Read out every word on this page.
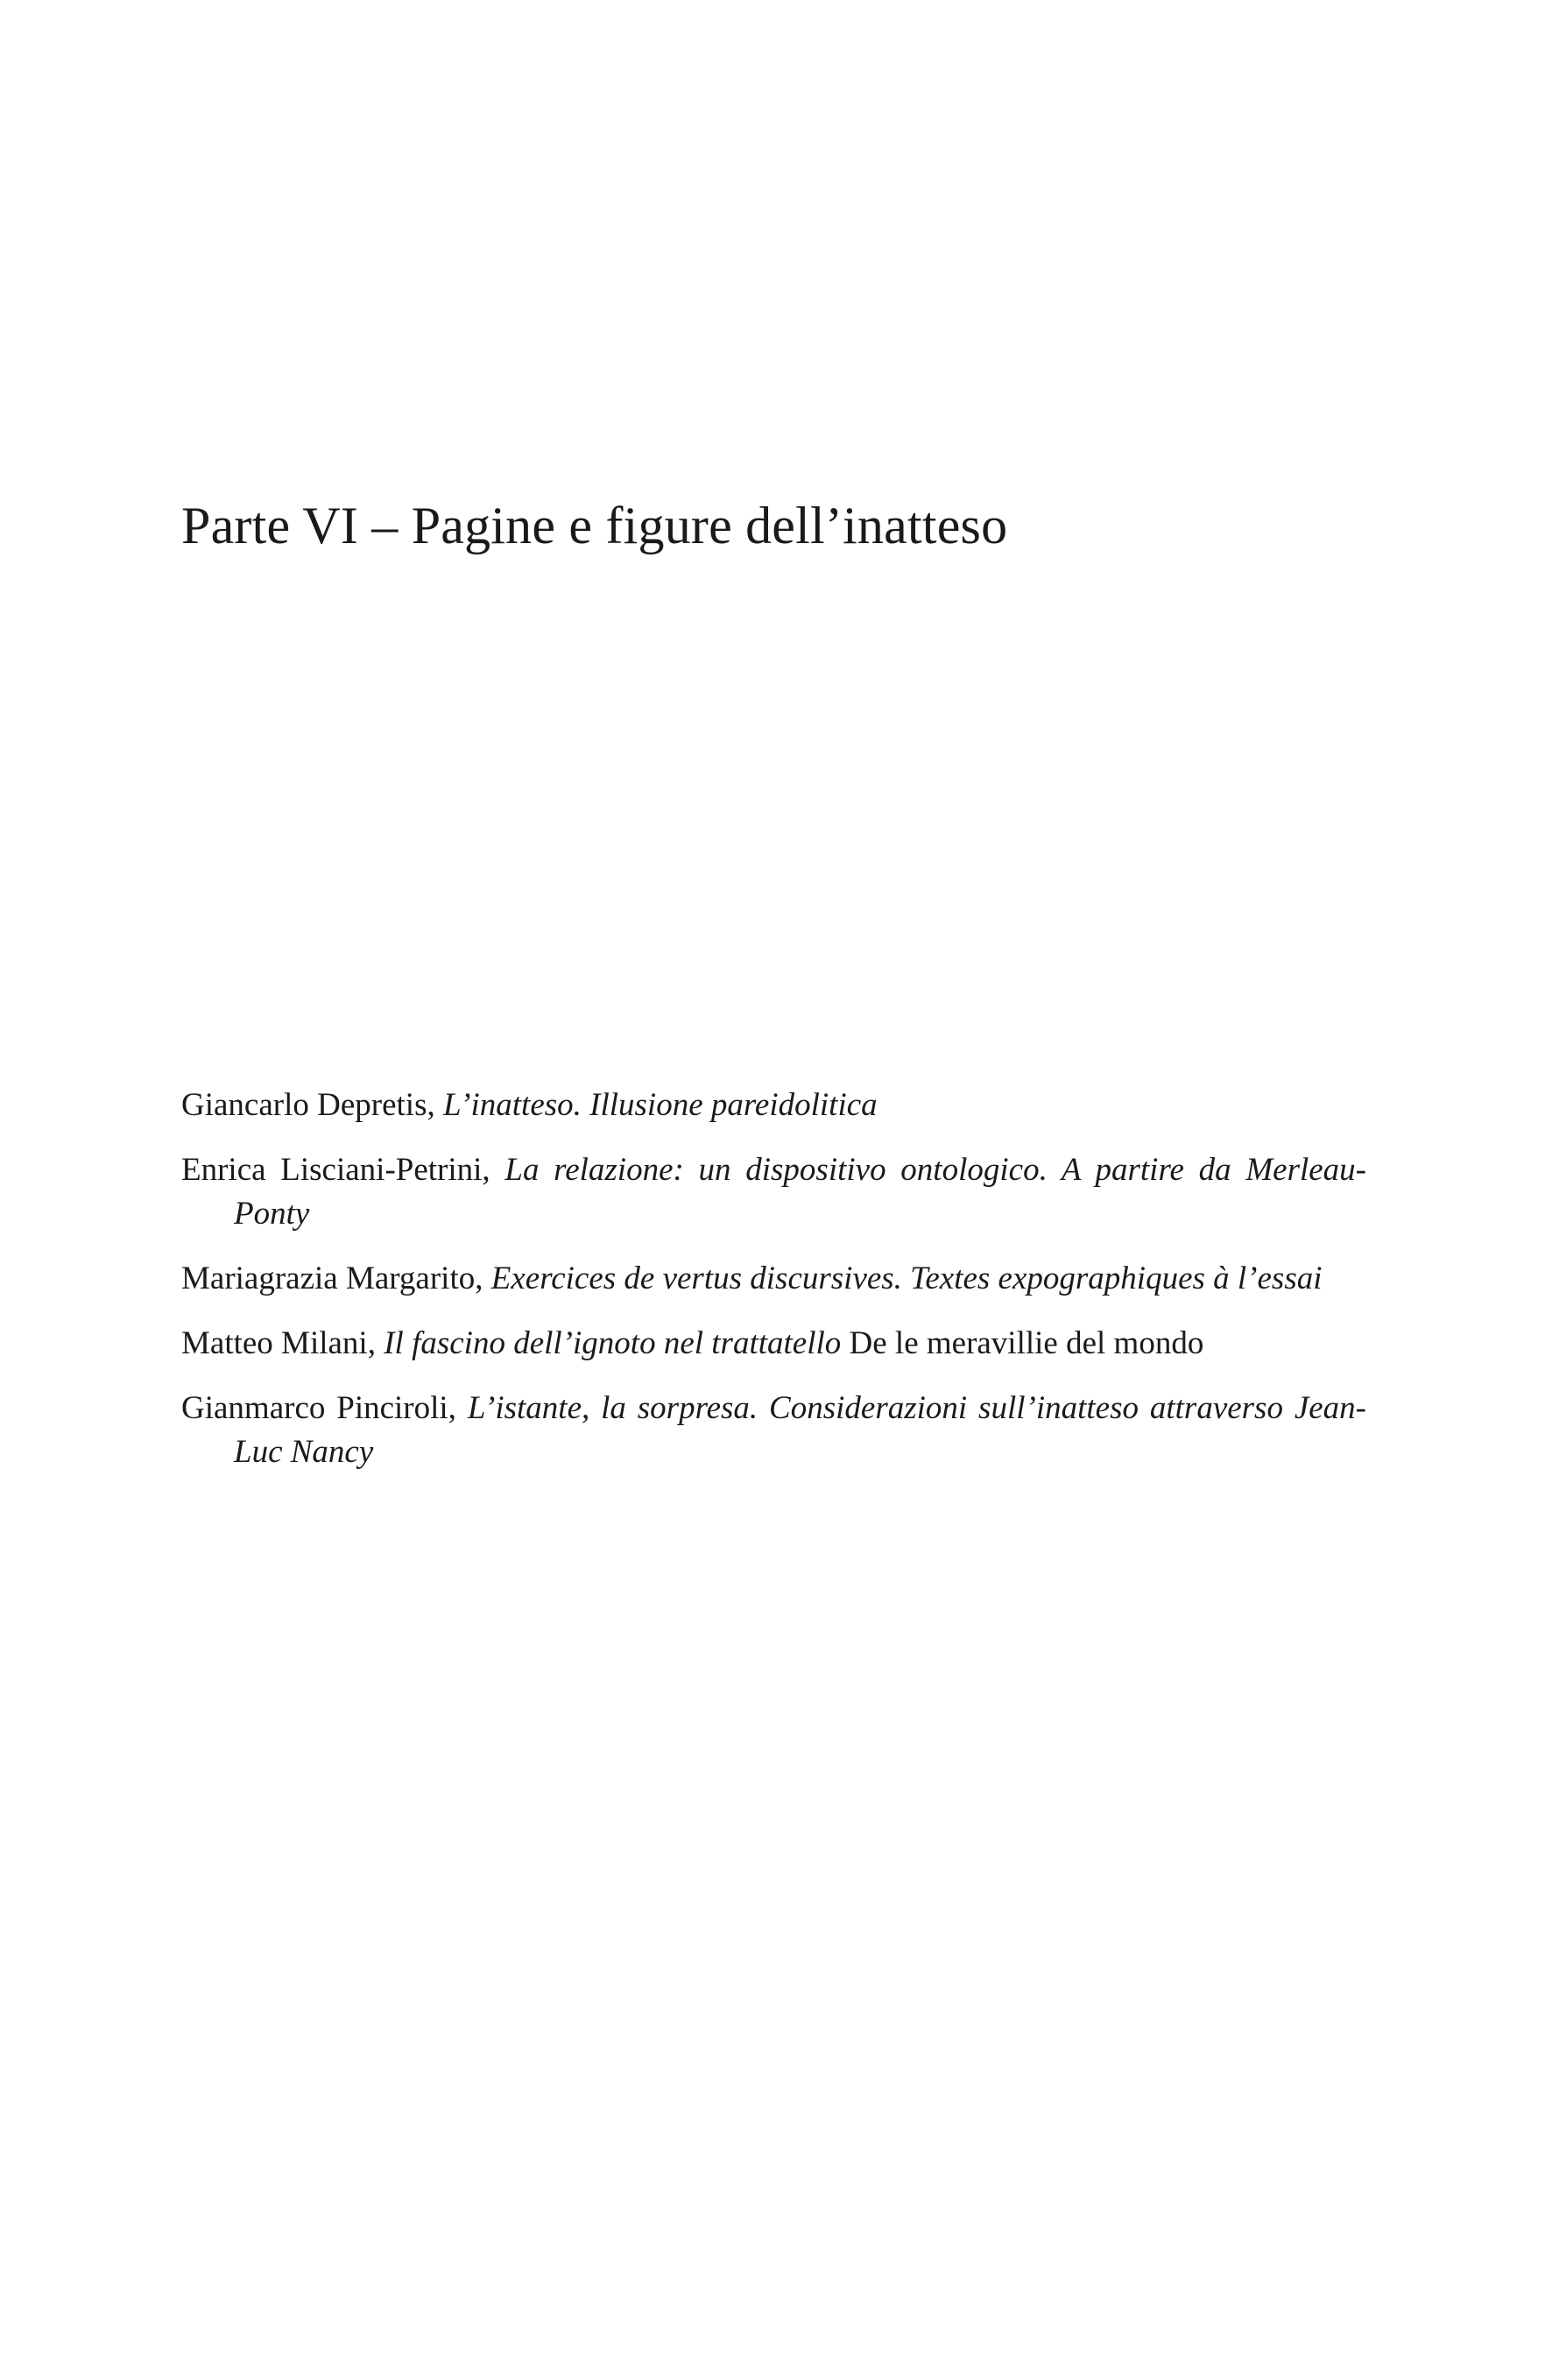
Parte VI – Pagine e figure dell’inatteso
Giancarlo Depretis, L’inatteso. Illusione pareidolitica
Enrica Lisciani-Petrini, La relazione: un dispositivo ontologico. A partire da Merleau-Ponty
Mariagrazia Margarito, Exercices de vertus discursives. Textes expographiques à l’essai
Matteo Milani, Il fascino dell’ignoto nel trattatello De le meravillie del mondo
Gianmarco Pinciroli, L’istante, la sorpresa. Considerazioni sull’inatteso attraverso Jean-Luc Nancy
